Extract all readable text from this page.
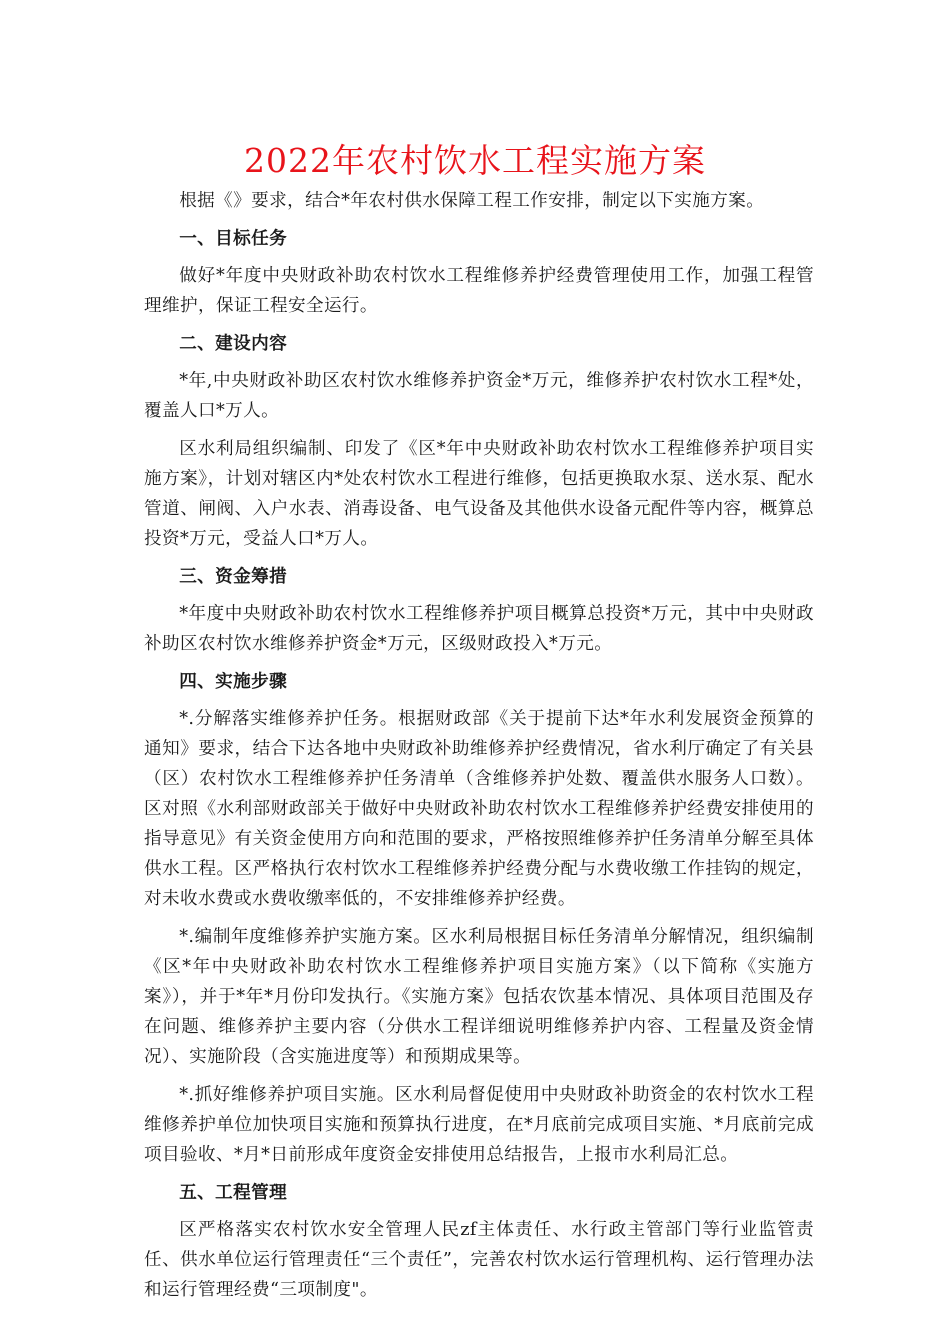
2022年农村饮水工程实施方案

根据《》要求，结合*年农村供水保障工程工作安排，制定以下实施方案。

一、目标任务

做好*年度中央财政补助农村饮水工程维修养护经费管理使用工作，加强工程管理维护，保证工程安全运行。

二、建设内容

*年,中央财政补助区农村饮水维修养护资金*万元，维修养护农村饮水工程*处，覆盖人口*万人。

区水利局组织编制、印发了《区*年中央财政补助农村饮水工程维修养护项目实施方案》，计划对辖区内*处农村饮水工程进行维修，包括更换取水泵、送水泵、配水管道、闸阀、入户水表、消毒设备、电气设备及其他供水设备元配件等内容，概算总投资*万元，受益人口*万人。

三、资金筹措

*年度中央财政补助农村饮水工程维修养护项目概算总投资*万元，其中中央财政补助区农村饮水维修养护资金*万元，区级财政投入*万元。

四、实施步骤

*.分解落实维修养护任务。根据财政部《关于提前下达*年水利发展资金预算的通知》要求，结合下达各地中央财政补助维修养护经费情况，省水利厅确定了有关县（区）农村饮水工程维修养护任务清单（含维修养护处数、覆盖供水服务人口数）。区对照《水利部财政部关于做好中央财政补助农村饮水工程维修养护经费安排使用的指导意见》有关资金使用方向和范围的要求，严格按照维修养护任务清单分解至具体供水工程。区严格执行农村饮水工程维修养护经费分配与水费收缴工作挂钩的规定，对未收水费或水费收缴率低的，不安排维修养护经费。

*.编制年度维修养护实施方案。区水利局根据目标任务清单分解情况，组织编制《区*年中央财政补助农村饮水工程维修养护项目实施方案》（以下简称《实施方案》），并于*年*月份印发执行。《实施方案》包括农饮基本情况、具体项目范围及存在问题、维修养护主要内容（分供水工程详细说明维修养护内容、工程量及资金情况）、实施阶段（含实施进度等）和预期成果等。

*.抓好维修养护项目实施。区水利局督促使用中央财政补助资金的农村饮水工程维修养护单位加快项目实施和预算执行进度，在*月底前完成项目实施、*月底前完成项目验收、*月*日前形成年度资金安排使用总结报告，上报市水利局汇总。

五、工程管理

区严格落实农村饮水安全管理人民zf主体责任、水行政主管部门等行业监管责任、供水单位运行管理责任“三个责任”，完善农村饮水运行管理机构、运行管理办法和运行管理经费“三项制度"。
